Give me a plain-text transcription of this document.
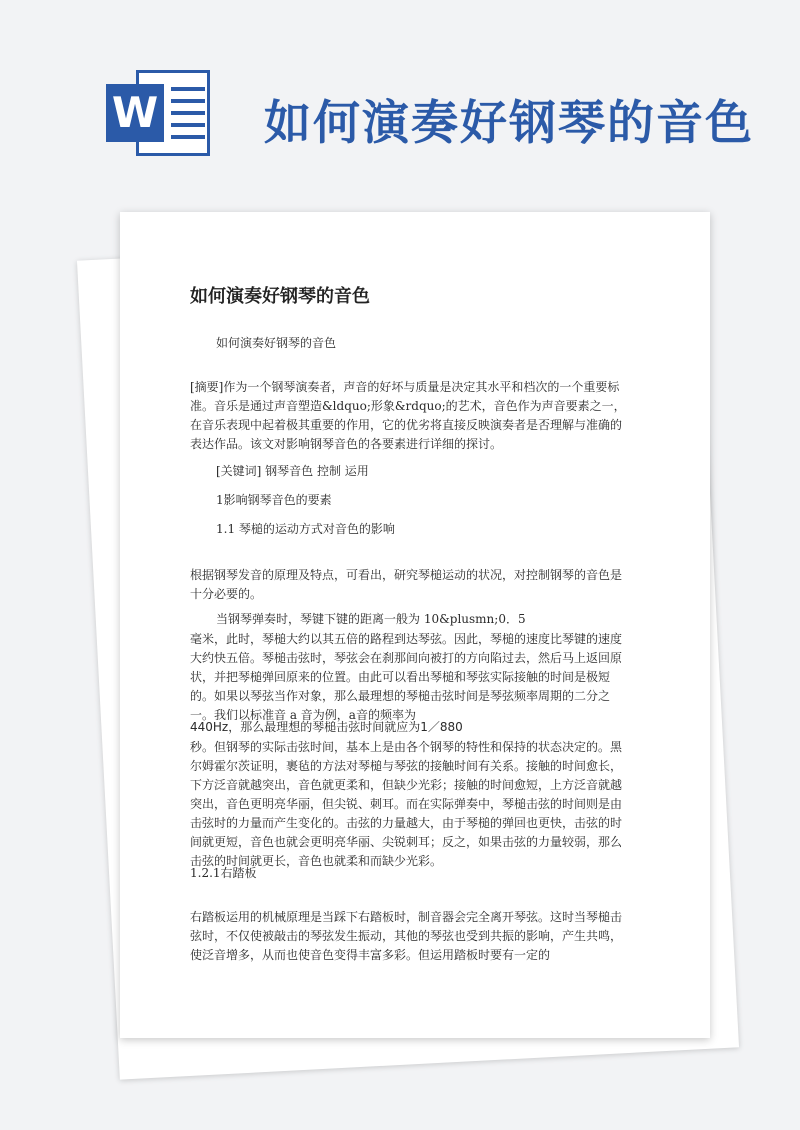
W 如何演奏好钢琴的音色
如何演奏好钢琴的音色
如何演奏好钢琴的音色
[摘要]作为一个钢琴演奏者，声音的好坏与质量是决定其水平和档次的一个重要标准。音乐是通过声音塑造&ldquo;形象&rdquo;的艺术，音色作为声音要素之一，在音乐表现中起着极其重要的作用，它的优劣将直接反映演奏者是否理解与准确的表达作品。该文对影响钢琴音色的各要素进行详细的探讨。
[关键词] 钢琴音色 控制 运用
1影响钢琴音色的要素
1.1 琴槌的运动方式对音色的影响
根据钢琴发音的原理及特点，可看出，研究琴槌运动的状况，对控制钢琴的音色是十分必要的。
当钢琴弹奏时，琴键下键的距离一般为 10&plusmn;0．5
毫米，此时，琴槌大约以其五倍的路程到达琴弦。因此，琴槌的速度比琴键的速度大约快五倍。琴槌击弦时，琴弦会在刹那间向被打的方向陷过去，然后马上返回原状，并把琴槌弹回原来的位置。由此可以看出琴槌和琴弦实际接触的时间是极短的。如果以琴弦当作对象，那么最理想的琴槌击弦时间是琴弦频率周期的二分之一。我们以标准音 a 音为例，a音的频率为
440Hz，那么最理想的琴槌击弦时间就应为1／880
秒。但钢琴的实际击弦时间，基本上是由各个钢琴的特性和保持的状态决定的。黑尔姆霍尔茨证明，裹毡的方法对琴槌与琴弦的接触时间有关系。接触的时间愈长，下方泛音就越突出，音色就更柔和，但缺少光彩；接触的时间愈短，上方泛音就越突出，音色更明亮华丽，但尖锐、刺耳。而在实际弹奏中，琴槌击弦的时间则是由击弦时的力量而产生变化的。击弦的力量越大，由于琴槌的弹回也更快，击弦的时间就更短，音色也就会更明亮华丽、尖锐刺耳；反之，如果击弦的力量较弱，那么击弦的时间就更长，音色也就柔和而缺少光彩。
1.2.1右踏板
右踏板运用的机械原理是当踩下右踏板时，制音器会完全离开琴弦。这时当琴槌击弦时，不仅使被敲击的琴弦发生振动，其他的琴弦也受到共振的影响，产生共鸣，使泛音增多，从而也使音色变得丰富多彩。但运用踏板时要有一定的
